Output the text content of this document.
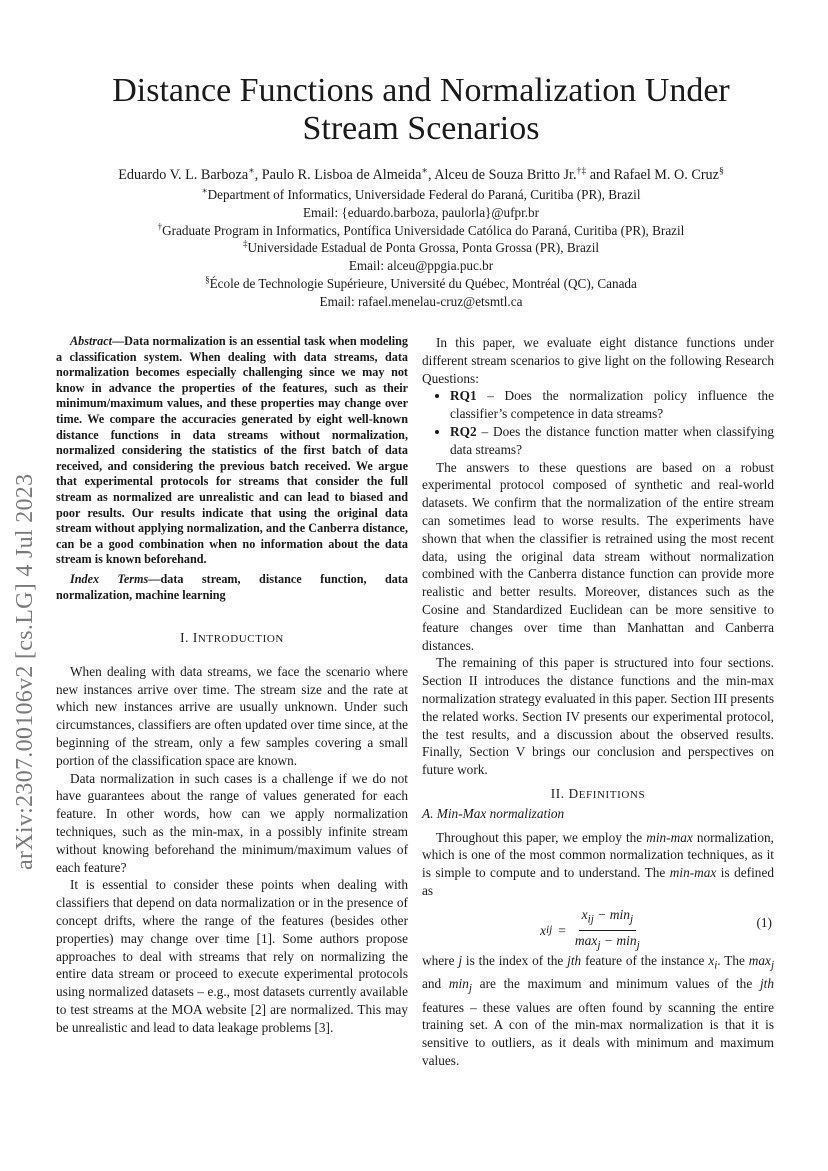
arXiv:2307.00106v2 [cs.LG] 4 Jul 2023
Distance Functions and Normalization Under
Stream Scenarios

Eduardo V. L. Barboza∗, Paulo R. Lisboa de Almeida∗, Alceu de Souza Britto Jr.†‡ and Rafael M. O. Cruz§

∗Department of Informatics, Universidade Federal do Paraná, Curitiba (PR), Brazil
Email: {eduardo.barboza, paulorla}@ufpr.br
†Graduate Program in Informatics, Pontífica Universidade Católica do Paraná, Curitiba (PR), Brazil
‡Universidade Estadual de Ponta Grossa, Ponta Grossa (PR), Brazil
Email: alceu@ppgia.puc.br
§École de Technologie Supérieure, Université du Québec, Montréal (QC), Canada
Email: rafael.menelau-cruz@etsmtl.ca

Abstract—Data normalization is an essential task when modeling a classification system. When dealing with data streams, data normalization becomes especially challenging since we may not know in advance the properties of the features, such as their minimum/maximum values, and these properties may change over time. We compare the accuracies generated by eight well-known distance functions in data streams without normalization, normalized considering the statistics of the first batch of data received, and considering the previous batch received. We argue that experimental protocols for streams that consider the full stream as normalized are unrealistic and can lead to biased and poor results. Our results indicate that using the original data stream without applying normalization, and the Canberra distance, can be a good combination when no information about the data stream is known beforehand.

Index Terms—data stream, distance function, data normalization, machine learning

I. INTRODUCTION

When dealing with data streams, we face the scenario where new instances arrive over time. The stream size and the rate at which new instances arrive are usually unknown. Under such circumstances, classifiers are often updated over time since, at the beginning of the stream, only a few samples covering a small portion of the classification space are known.

Data normalization in such cases is a challenge if we do not have guarantees about the range of values generated for each feature. In other words, how can we apply normalization techniques, such as the min-max, in a possibly infinite stream without knowing beforehand the minimum/maximum values of each feature?

It is essential to consider these points when dealing with classifiers that depend on data normalization or in the presence of concept drifts, where the range of the features (besides other properties) may change over time [1]. Some authors propose approaches to deal with streams that rely on normalizing the entire data stream or proceed to execute experimental protocols using normalized datasets – e.g., most datasets currently available to test streams at the MOA website [2] are normalized. This may be unrealistic and lead to data leakage problems [3].

In this paper, we evaluate eight distance functions under different stream scenarios to give light on the following Research Questions:

• RQ1 – Does the normalization policy influence the classifier’s competence in data streams?
• RQ2 – Does the distance function matter when classifying data streams?

The answers to these questions are based on a robust experimental protocol composed of synthetic and real-world datasets. We confirm that the normalization of the entire stream can sometimes lead to worse results. The experiments have shown that when the classifier is retrained using the most recent data, using the original data stream without normalization combined with the Canberra distance function can provide more realistic and better results. Moreover, distances such as the Cosine and Standardized Euclidean can be more sensitive to feature changes over time than Manhattan and Canberra distances.

The remaining of this paper is structured into four sections. Section II introduces the distance functions and the min-max normalization strategy evaluated in this paper. Section III presents the related works. Section IV presents our experimental protocol, the test results, and a discussion about the observed results. Finally, Section V brings our conclusion and perspectives on future work.

II. DEFINITIONS

A. Min-Max normalization

Throughout this paper, we employ the min-max normalization, which is one of the most common normalization techniques, as it is simple to compute and to understand. The min-max is defined as

x ij = $\frac{x_{ij} - \min_j}{\max_j - \min_j}$	(1)

where j is the index of the jth feature of the instance $x_i$. The $\max_j$ and $\min_j$ are the maximum and minimum values of the jth features – these values are often found by scanning the entire training set. A con of the min-max normalization is that it is sensitive to outliers, as it deals with minimum and maximum values.
